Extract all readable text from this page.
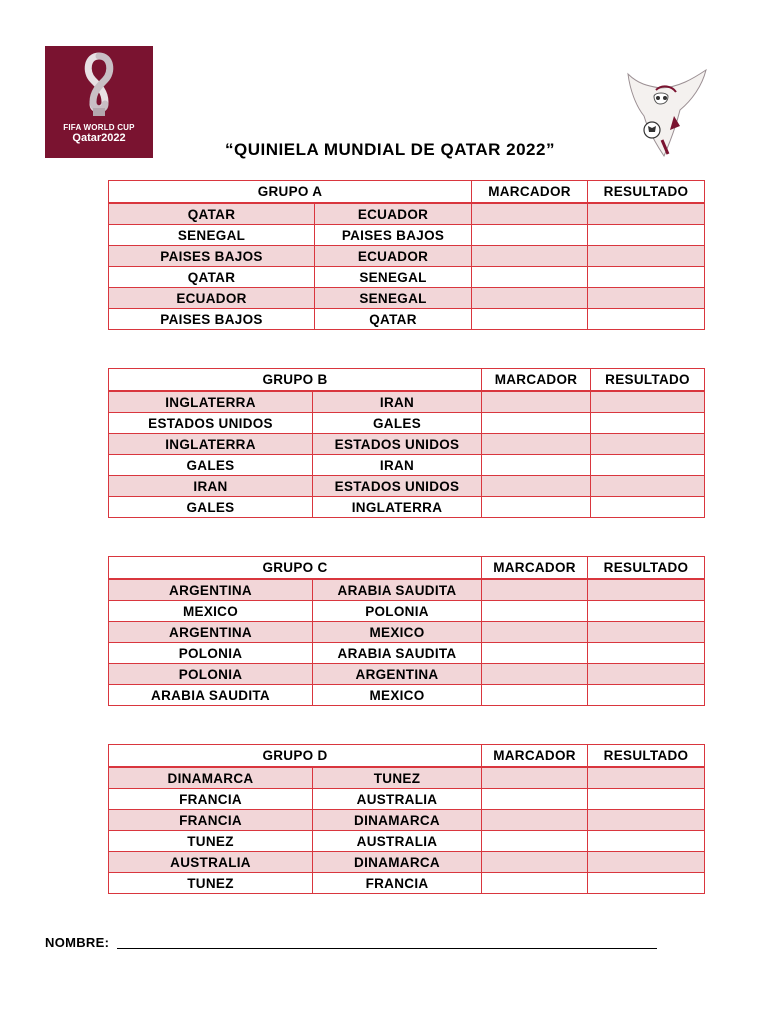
FIFA WORLD CUP
Qatar2022
“QUINIELA MUNDIAL DE QATAR 2022”
GRUPO A		MARCADOR	RESULTADO
QATAR	ECUADOR		
SENEGAL	PAISES BAJOS		
PAISES BAJOS	ECUADOR		
QATAR	SENEGAL		
ECUADOR	SENEGAL		
PAISES BAJOS	QATAR		
GRUPO B		MARCADOR	RESULTADO
INGLATERRA	IRAN		
ESTADOS UNIDOS	GALES		
INGLATERRA	ESTADOS UNIDOS		
GALES	IRAN		
IRAN	ESTADOS UNIDOS		
GALES	INGLATERRA		
GRUPO C		MARCADOR	RESULTADO
ARGENTINA	ARABIA SAUDITA		
MEXICO	POLONIA		
ARGENTINA	MEXICO		
POLONIA	ARABIA SAUDITA		
POLONIA	ARGENTINA		
ARABIA SAUDITA	MEXICO		
GRUPO D		MARCADOR	RESULTADO
DINAMARCA	TUNEZ		
FRANCIA	AUSTRALIA		
FRANCIA	DINAMARCA		
TUNEZ	AUSTRALIA		
AUSTRALIA	DINAMARCA		
TUNEZ	FRANCIA		
NOMBRE:
